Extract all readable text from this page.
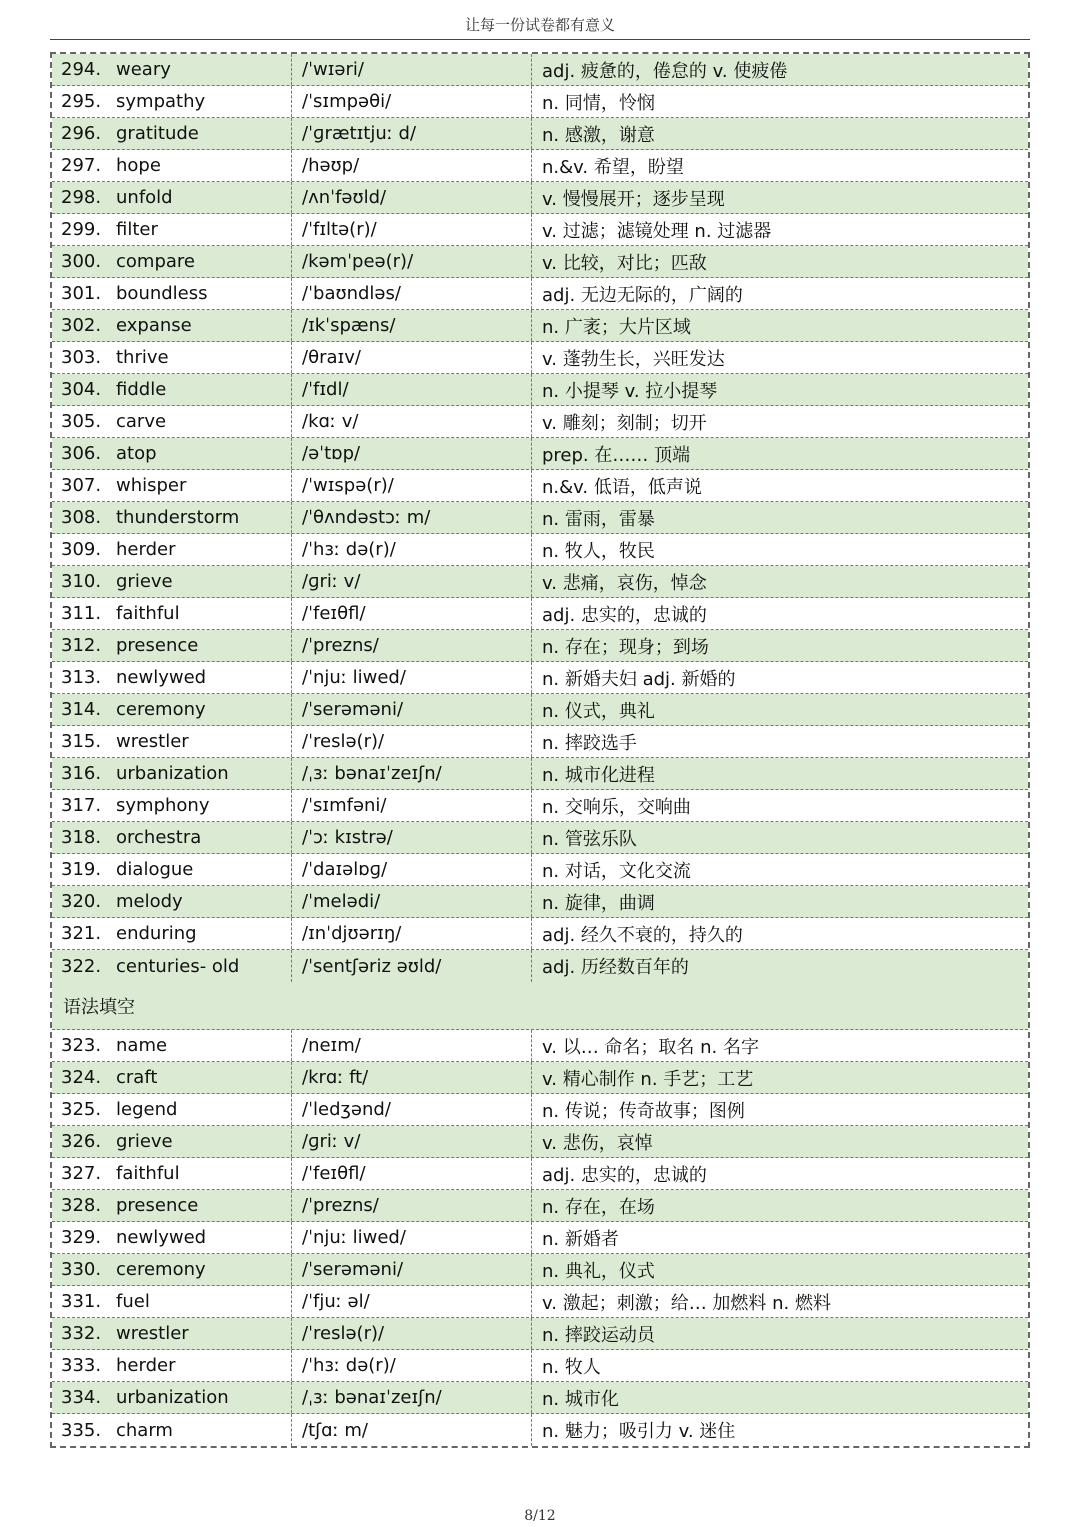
让每一份试卷都有意义
294. weary	/ˈwɪəri/	adj. 疲惫的，倦怠的 v. 使疲倦
295. sympathy	/ˈsɪmpəθi/	n. 同情，怜悯
296. gratitude	/ˈɡrætɪtjuː d/	n. 感激，谢意
297. hope	/həʊp/	n.&v. 希望，盼望
298. unfold	/ʌnˈfəʊld/	v. 慢慢展开；逐步呈现
299. filter	/ˈfɪltə(r)/	v. 过滤；滤镜处理 n. 过滤器
300. compare	/kəmˈpeə(r)/	v. 比较，对比；匹敌
301. boundless	/ˈbaʊndləs/	adj. 无边无际的，广阔的
302. expanse	/ɪkˈspæns/	n. 广袤；大片区域
303. thrive	/θraɪv/	v. 蓬勃生长，兴旺发达
304. fiddle	/ˈfɪdl/	n. 小提琴 v. 拉小提琴
305. carve	/kɑː v/	v. 雕刻；刻制；切开
306. atop	/əˈtɒp/	prep. 在…… 顶端
307. whisper	/ˈwɪspə(r)/	n.&v. 低语，低声说
308. thunderstorm	/ˈθʌndəstɔː m/	n. 雷雨，雷暴
309. herder	/ˈhɜː də(r)/	n. 牧人，牧民
310. grieve	/ɡriː v/	v. 悲痛，哀伤，悼念
311. faithful	/ˈfeɪθfl/	adj. 忠实的，忠诚的
312. presence	/ˈprezns/	n. 存在；现身；到场
313. newlywed	/ˈnjuː liwed/	n. 新婚夫妇 adj. 新婚的
314. ceremony	/ˈserəməni/	n. 仪式，典礼
315. wrestler	/ˈreslə(r)/	n. 摔跤选手
316. urbanization	/ˌɜː bənaɪˈzeɪʃn/	n. 城市化进程
317. symphony	/ˈsɪmfəni/	n. 交响乐，交响曲
318. orchestra	/ˈɔː kɪstrə/	n. 管弦乐队
319. dialogue	/ˈdaɪəlɒɡ/	n. 对话，文化交流
320. melody	/ˈmelədi/	n. 旋律，曲调
321. enduring	/ɪnˈdjʊərɪŋ/	adj. 经久不衰的，持久的
322. centuries- old	/ˈsentʃəriz əʊld/	adj. 历经数百年的
语法填空
323. name	/neɪm/	v. 以… 命名；取名 n. 名字
324. craft	/krɑː ft/	v. 精心制作 n. 手艺；工艺
325. legend	/ˈledʒənd/	n. 传说；传奇故事；图例
326. grieve	/ɡriː v/	v. 悲伤，哀悼
327. faithful	/ˈfeɪθfl/	adj. 忠实的，忠诚的
328. presence	/ˈprezns/	n. 存在，在场
329. newlywed	/ˈnjuː liwed/	n. 新婚者
330. ceremony	/ˈserəməni/	n. 典礼，仪式
331. fuel	/ˈfjuː əl/	v. 激起；刺激；给… 加燃料 n. 燃料
332. wrestler	/ˈreslə(r)/	n. 摔跤运动员
333. herder	/ˈhɜː də(r)/	n. 牧人
334. urbanization	/ˌɜː bənaɪˈzeɪʃn/	n. 城市化
335. charm	/tʃɑː m/	n. 魅力；吸引力 v. 迷住
8/12
